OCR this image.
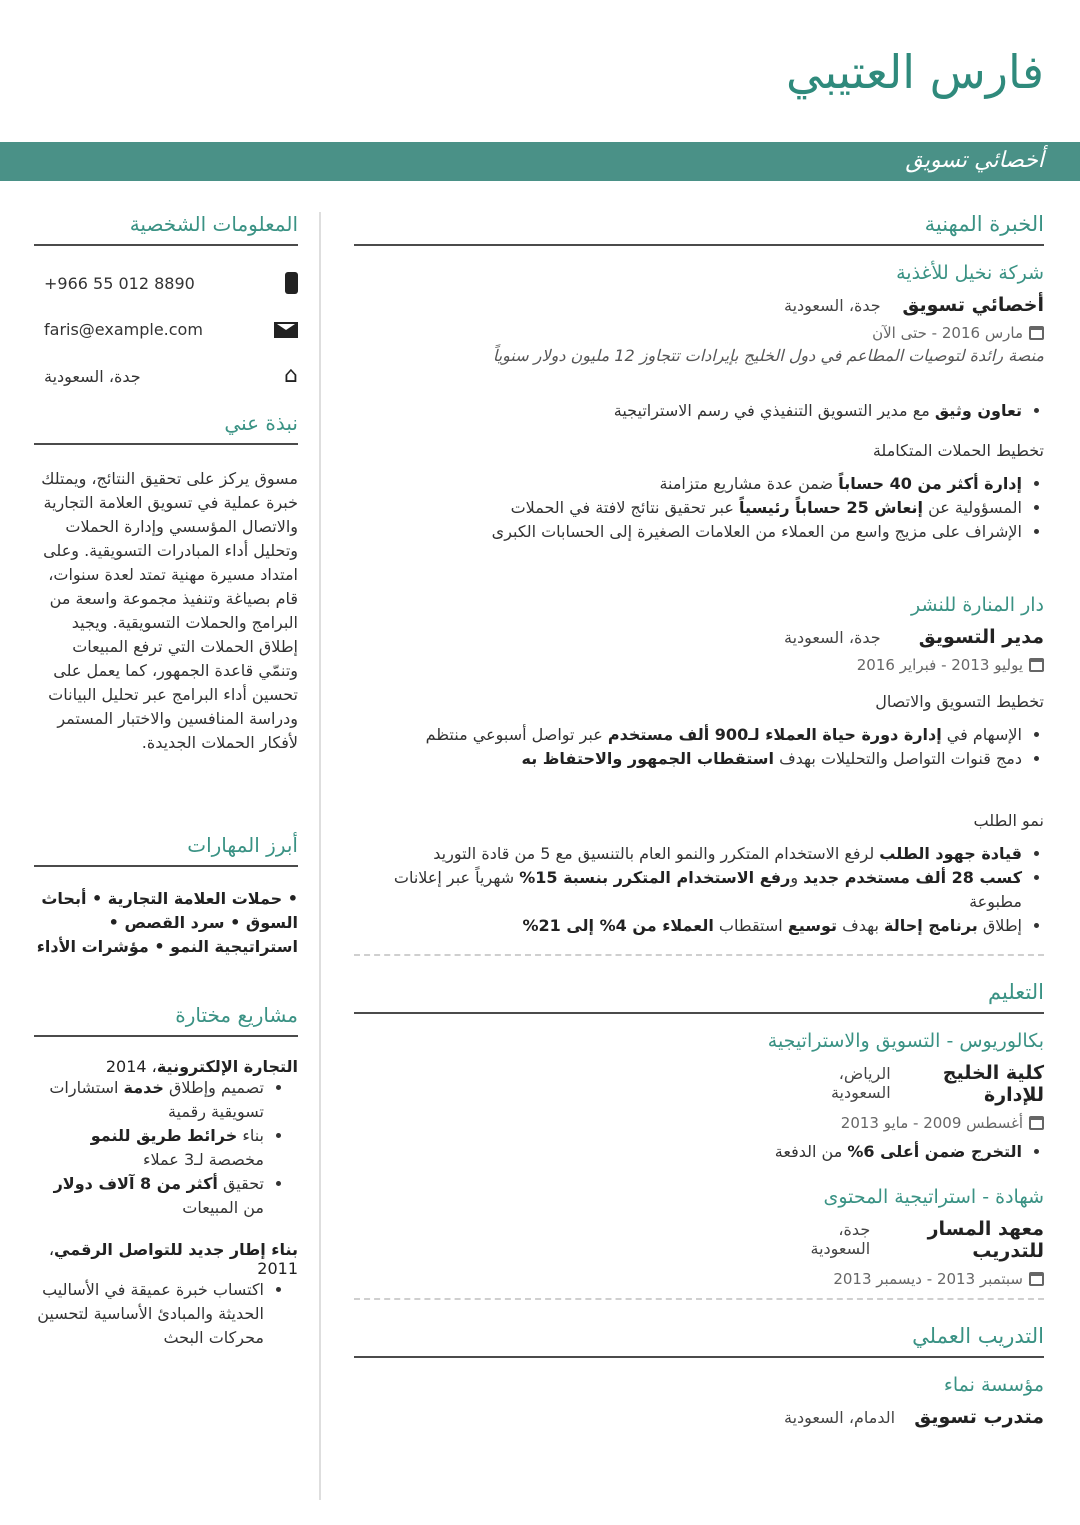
فارس العتيبي
أخصائي تسويق
الخبرة المهنية
شركة نخيل للأغذية
أخصائي تسويق
جدة، السعودية
مارس 2016 - حتى الآن
منصة رائدة لتوصيات المطاعم في دول الخليج بإيرادات تتجاوز 12 مليون دولار سنوياً
• تعاون وثيق مع مدير التسويق التنفيذي في رسم الاستراتيجية
تخطيط الحملات المتكاملة
• إدارة أكثر من 40 حساباً ضمن عدة مشاريع متزامنة
• المسؤولية عن إنعاش 25 حساباً رئيسياً عبر تحقيق نتائج لافتة في الحملات
• الإشراف على مزيج واسع من العملاء من العلامات الصغيرة إلى الحسابات الكبرى
دار المنارة للنشر
مدير التسويق
جدة، السعودية
يوليو 2013 - فبراير 2016
تخطيط التسويق والاتصال
• الإسهام في إدارة دورة حياة العملاء لـ900 ألف مستخدم عبر تواصل أسبوعي منتظم
• دمج قنوات التواصل والتحليلات بهدف استقطاب الجمهور والاحتفاظ به
نمو الطلب
• قيادة جهود الطلب لرفع الاستخدام المتكرر والنمو العام بالتنسيق مع 5 من قادة التوريد
• كسب 28 ألف مستخدم جديد ورفع الاستخدام المتكرر بنسبة 15% شهرياً عبر إعلانات مطبوعة
• إطلاق برنامج إحالة بهدف توسيع استقطاب العملاء من 4% إلى 21%
التعليم
بكالوريوس - التسويق والاستراتيجية
كلية الخليج للإدارة
الرياض، السعودية
أغسطس 2009 - مايو 2013
• التخرج ضمن أعلى 6% من الدفعة
شهادة - استراتيجية المحتوى
معهد المسار للتدريب
جدة، السعودية
سبتمبر 2013 - ديسمبر 2013
التدريب العملي
مؤسسة نماء
متدرب تسويق
الدمام، السعودية
المعلومات الشخصية
+966 55 012 8890
faris@example.com
⌂
جدة، السعودية
نبذة عني
مسوق يركز على تحقيق النتائج، ويمتلك خبرة عملية في تسويق العلامة التجارية والاتصال المؤسسي وإدارة الحملات وتحليل أداء المبادرات التسويقية. وعلى امتداد مسيرة مهنية تمتد لعدة سنوات، قام بصياغة وتنفيذ مجموعة واسعة من البرامج والحملات التسويقية. ويجيد إطلاق الحملات التي ترفع المبيعات وتنمّي قاعدة الجمهور، كما يعمل على تحسين أداء البرامج عبر تحليل البيانات ودراسة المنافسين والاختبار المستمر لأفكار الحملات الجديدة.
أبرز المهارات
• حملات العلامة التجارية • أبحاث السوق • سرد القصص • استراتيجية النمو • مؤشرات الأداء
مشاريع مختارة
التجارة الإلكترونية، 2014
• تصميم وإطلاق خدمة استشارات تسويقية رقمية
• بناء خرائط طريق للنمو مخصصة لـ3 عملاء
• تحقيق أكثر من 8 آلاف دولار من المبيعات
بناء إطار جديد للتواصل الرقمي، 2011
• اكتساب خبرة عميقة في الأساليب الحديثة والمبادئ الأساسية لتحسين محركات البحث
